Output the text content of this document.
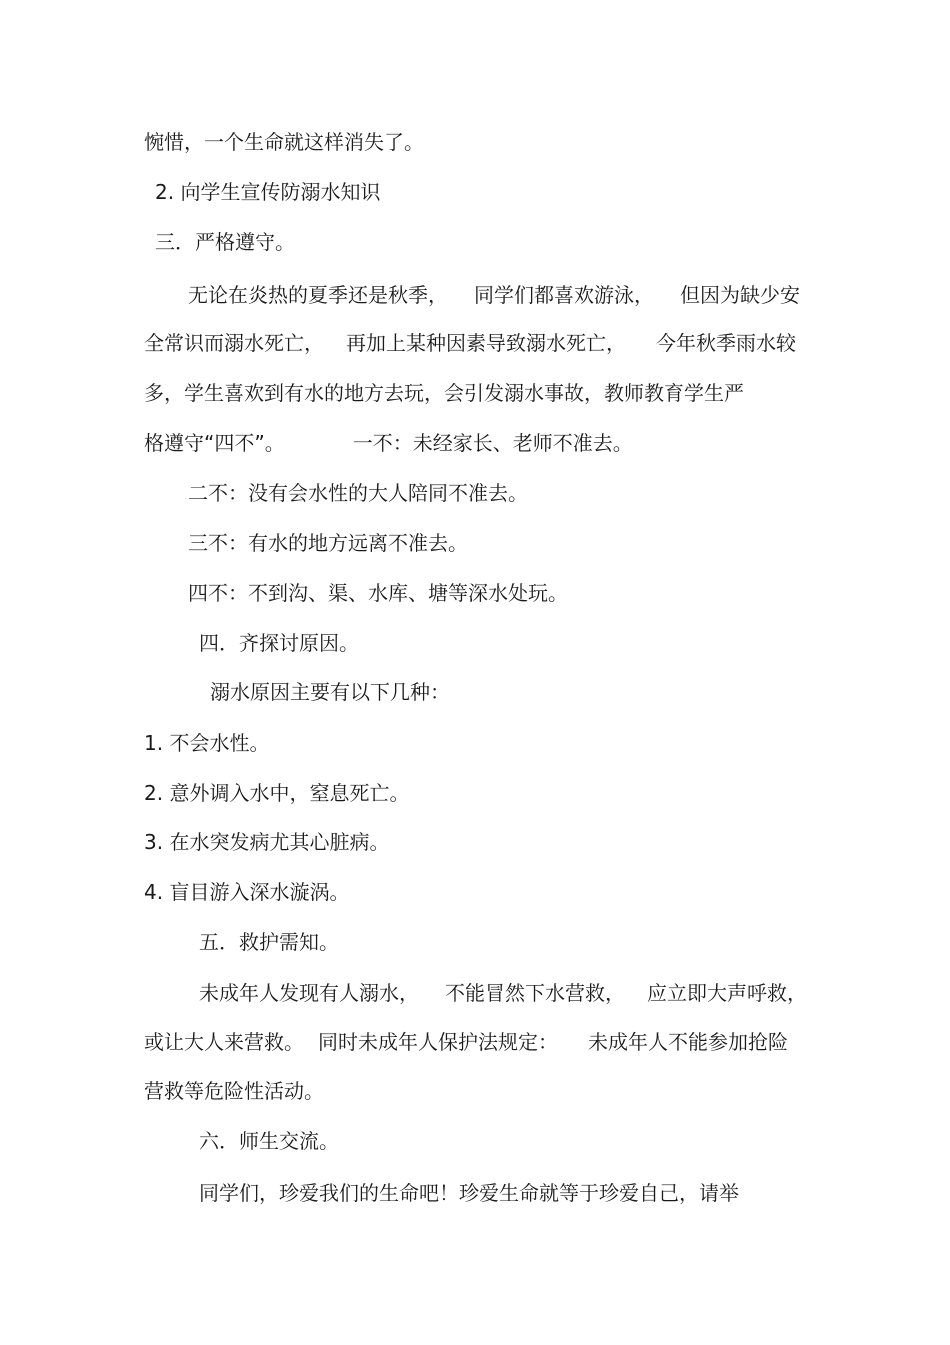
惋惜，一个生命就这样消失了。
2. 向学生宣传防溺水知识
三．严格遵守。
无论在炎热的夏季还是秋季， 同学们都喜欢游泳， 但因为缺少安
全常识而溺水死亡， 再加上某种因素导致溺水死亡， 今年秋季雨水较
多，学生喜欢到有水的地方去玩，会引发溺水事故，教师教育学生严
格遵守“四不”。	一不：未经家长、老师不准去。
二不：没有会水性的大人陪同不准去。
三不：有水的地方远离不准去。
四不：不到沟、渠、水库、塘等深水处玩。
四．齐探讨原因。
溺水原因主要有以下几种：
1. 不会水性。
2. 意外调入水中，窒息死亡。
3. 在水突发病尤其心脏病。
4. 盲目游入深水漩涡。
五．救护需知。
未成年人发现有人溺水， 不能冒然下水营救， 应立即大声呼救，
或让大人来营救。 同时未成年人保护法规定： 未成年人不能参加抢险
营救等危险性活动。
六．师生交流。
同学们，珍爱我们的生命吧！珍爱生命就等于珍爱自己，请举
